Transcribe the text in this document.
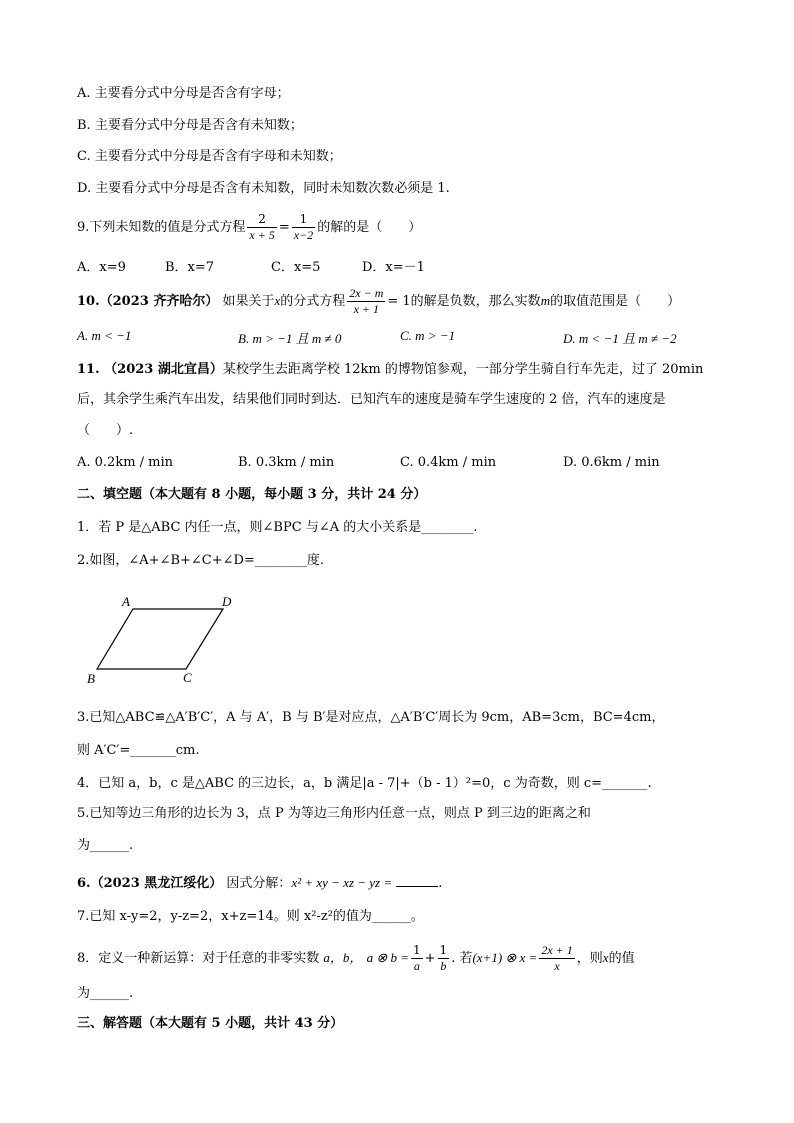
A. 主要看分式中分母是否含有字母；
B. 主要看分式中分母是否含有未知数；
C. 主要看分式中分母是否含有字母和未知数；
D. 主要看分式中分母是否含有未知数，同时未知数次数必须是 1.
9.下列未知数的值是分式方程 $\frac{2}{x + 5} = \frac{1}{x-2}$ 的解的是（　　）
A．x=9	B．x=7	C．x=5	D．x=－1
10.（2023 齐齐哈尔） 如果关于x的分式方程 $\frac{2x - m}{x + 1} = 1$的解是负数，那么实数m的取值范围是（　　）
A. m < −1	B. m > −1 且 m ≠ 0	C. m > −1	D. m < −1 且 m ≠ −2
11. （2023 湖北宜昌）某校学生去距离学校 12km 的博物馆参观，一部分学生骑自行车先走，过了 20min
后，其余学生乘汽车出发，结果他们同时到达．已知汽车的速度是骑车学生速度的 2 倍，汽车的速度是
（　　）.
A. 0.2km / min	B. 0.3km / min	C. 0.4km / min	D. 0.6km / min
二、填空题（本大题有 8 小题，每小题 3 分，共计 24 分）
1．若 P 是△ABC 内任一点，则∠BPC 与∠A 的大小关系是________.
2.如图，∠A+∠B+∠C+∠D=________度.
A	D
B	C
3.已知△ABC≌△A′B′C′，A 与 A′，B 与 B′是对应点，△A′B′C′周长为 9cm，AB=3cm，BC=4cm，
则 A′C′=_______cm.
4．已知 a，b，c 是△ABC 的三边长，a，b 满足|a - 7|+（b - 1）²=0，c 为奇数，则 c=_______.
5.已知等边三角形的边长为 3，点 P 为等边三角形内任意一点，则点 P 到三边的距离之和
为______.
6.（2023 黑龙江绥化） 因式分解：x² + xy − xz − yz =	.
7.已知 x-y=2，y-z=2，x+z=14。则 x²-z²的值为______。
8．定义一种新运算：对于任意的非零实数 a，b， a ⊗ $b = \frac{1}{a} + \frac{1}{b}$ . 若(x+1) ⊗ $x = \frac{2x + 1}{x}$ ，则x的值
为______.
三、解答题（本大题有 5 小题，共计 43 分）
